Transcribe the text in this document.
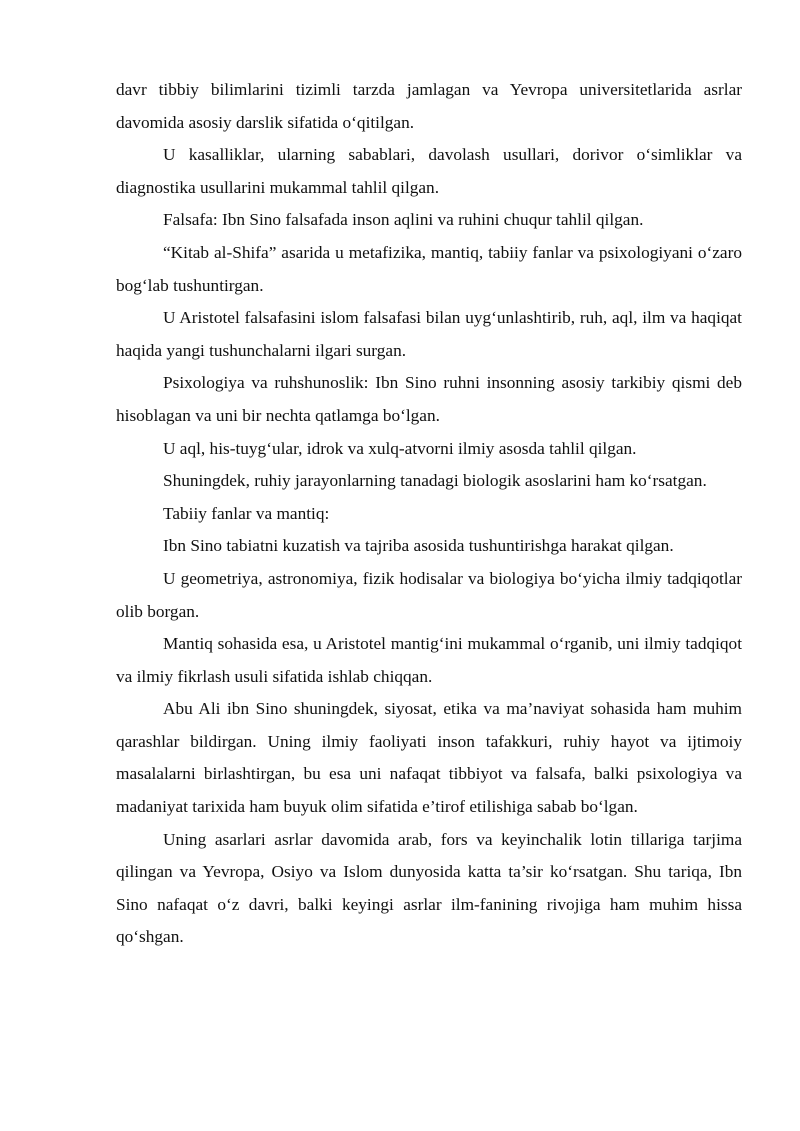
davr tibbiy bilimlarini tizimli tarzda jamlagan va Yevropa universitetlarida asrlar davomida asosiy darslik sifatida o‘qitilgan.

U kasalliklar, ularning sabablari, davolash usullari, dorivor o‘simliklar va diagnostika usullarini mukammal tahlil qilgan.

Falsafa: Ibn Sino falsafada inson aqlini va ruhini chuqur tahlil qilgan.

“Kitab al-Shifa” asarida u metafizika, mantiq, tabiiy fanlar va psixologiyani o‘zaro bog‘lab tushuntirgan.

U Aristotel falsafasini islom falsafasi bilan uyg‘unlashtirib, ruh, aql, ilm va haqiqat haqida yangi tushunchalarni ilgari surgan.

Psixologiya va ruhshunoslik: Ibn Sino ruhni insonning asosiy tarkibiy qismi deb hisoblagan va uni bir nechta qatlamga bo‘lgan.

U aql, his-tuyg‘ular, idrok va xulq-atvorni ilmiy asosda tahlil qilgan.

Shuningdek, ruhiy jarayonlarning tanadagi biologik asoslarini ham ko‘rsatgan.

Tabiiy fanlar va mantiq:

Ibn Sino tabiatni kuzatish va tajriba asosida tushuntirishga harakat qilgan.

U geometriya, astronomiya, fizik hodisalar va biologiya bo‘yicha ilmiy tadqiqotlar olib borgan.

Mantiq sohasida esa, u Aristotel mantig‘ini mukammal o‘rganib, uni ilmiy tadqiqot va ilmiy fikrlash usuli sifatida ishlab chiqqan.

Abu Ali ibn Sino shuningdek, siyosat, etika va ma’naviyat sohasida ham muhim qarashlar bildirgan. Uning ilmiy faoliyati inson tafakkuri, ruhiy hayot va ijtimoiy masalalarni birlashtirgan, bu esa uni nafaqat tibbiyot va falsafa, balki psixologiya va madaniyat tarixida ham buyuk olim sifatida e’tirof etilishiga sabab bo‘lgan.

Uning asarlari asrlar davomida arab, fors va keyinchalik lotin tillariga tarjima qilingan va Yevropa, Osiyo va Islom dunyosida katta ta’sir ko‘rsatgan. Shu tariqa, Ibn Sino nafaqat o‘z davri, balki keyingi asrlar ilm-fanining rivojiga ham muhim hissa qo‘shgan.
